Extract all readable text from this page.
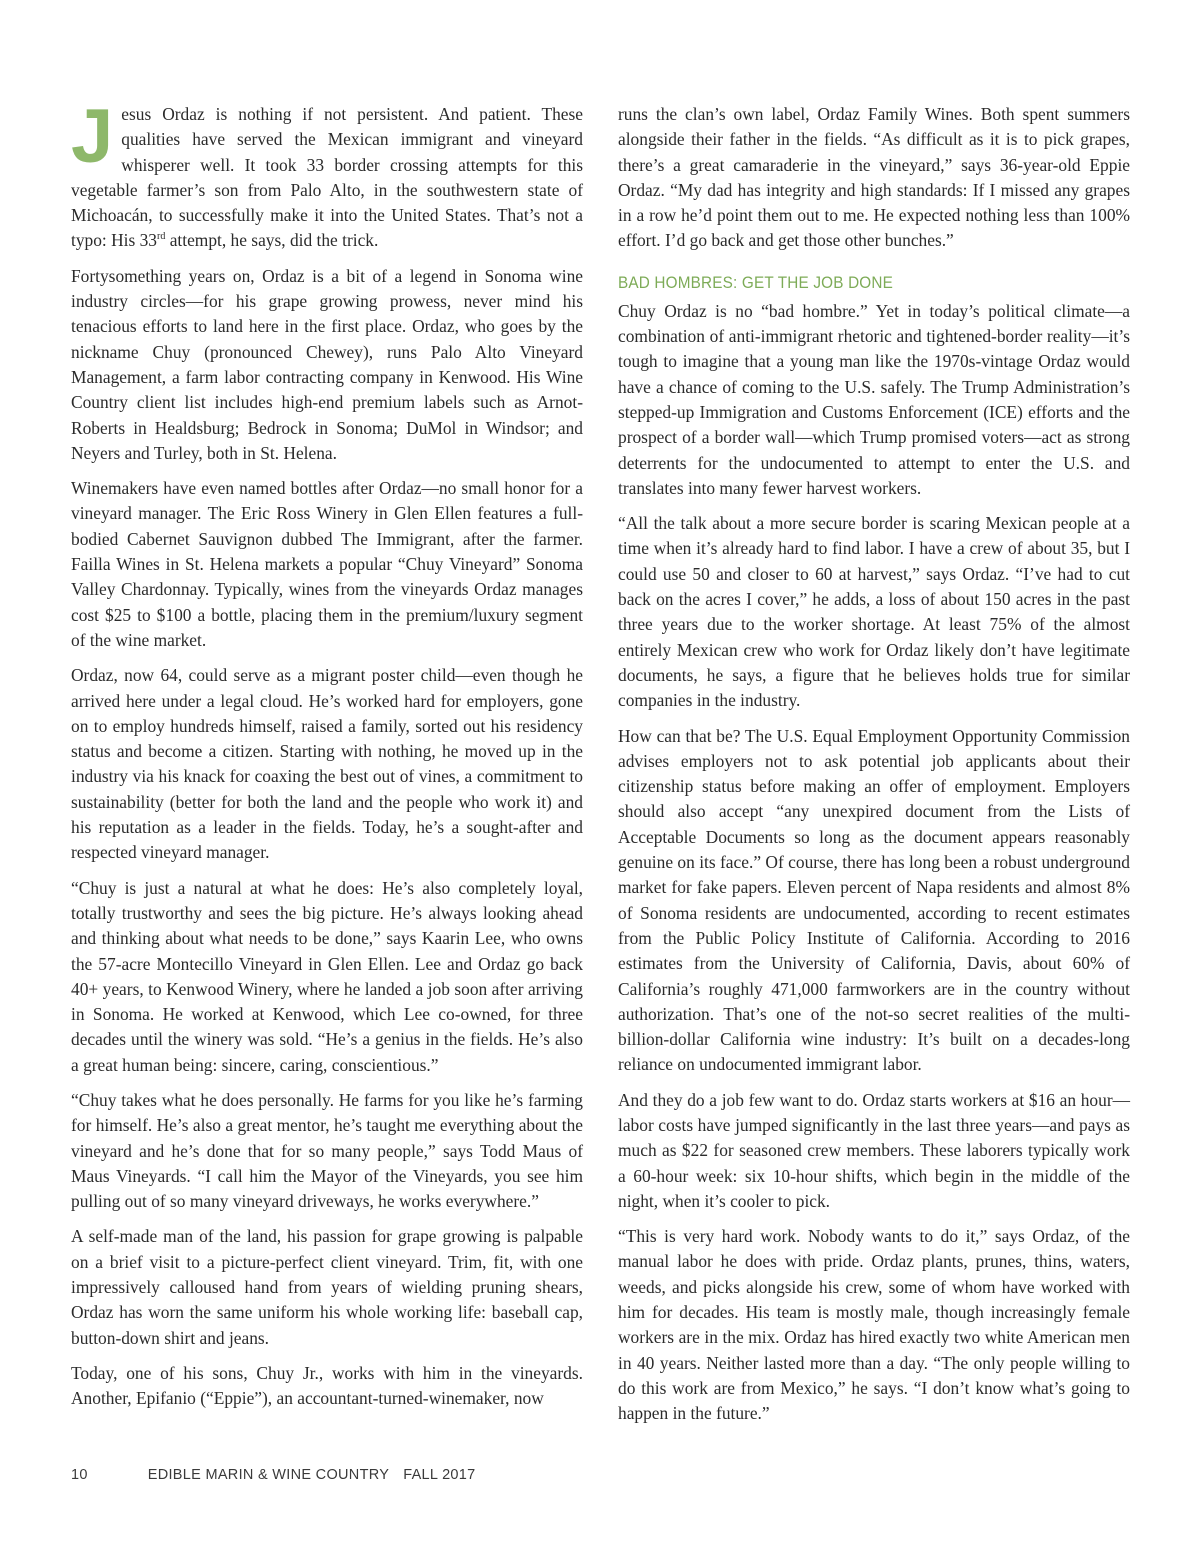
Jesus Ordaz is nothing if not persistent. And patient. These qualities have served the Mexican immigrant and vineyard whisperer well. It took 33 border crossing attempts for this vegetable farmer’s son from Palo Alto, in the southwestern state of Michoacán, to successfully make it into the United States. That’s not a typo: His 33rd attempt, he says, did the trick.

Fortysomething years on, Ordaz is a bit of a legend in Sonoma wine industry circles—for his grape growing prowess, never mind his tenacious efforts to land here in the first place. Ordaz, who goes by the nickname Chuy (pronounced Chewey), runs Palo Alto Vineyard Management, a farm labor contracting company in Kenwood. His Wine Country client list includes high-end premium labels such as Arnot-Roberts in Healdsburg; Bedrock in Sonoma; DuMol in Windsor; and Neyers and Turley, both in St. Helena.

Winemakers have even named bottles after Ordaz—no small honor for a vineyard manager. The Eric Ross Winery in Glen Ellen features a full-bodied Cabernet Sauvignon dubbed The Immigrant, after the farmer. Failla Wines in St. Helena markets a popular “Chuy Vineyard” Sonoma Valley Chardonnay. Typically, wines from the vineyards Ordaz manages cost $25 to $100 a bottle, placing them in the premium/luxury segment of the wine market.

Ordaz, now 64, could serve as a migrant poster child—even though he arrived here under a legal cloud. He’s worked hard for employers, gone on to employ hundreds himself, raised a family, sorted out his residency status and become a citizen. Starting with nothing, he moved up in the industry via his knack for coaxing the best out of vines, a commitment to sustainability (better for both the land and the people who work it) and his reputation as a leader in the fields. Today, he’s a sought-after and respected vineyard manager.

“Chuy is just a natural at what he does: He’s also completely loyal, totally trustworthy and sees the big picture. He’s always looking ahead and thinking about what needs to be done,” says Kaarin Lee, who owns the 57-acre Montecillo Vineyard in Glen Ellen. Lee and Ordaz go back 40+ years, to Kenwood Winery, where he landed a job soon after arriving in Sonoma. He worked at Kenwood, which Lee co-owned, for three decades until the winery was sold. “He’s a genius in the fields. He’s also a great human being: sincere, caring, conscientious.”

“Chuy takes what he does personally. He farms for you like he’s farming for himself. He’s also a great mentor, he’s taught me everything about the vineyard and he’s done that for so many people,” says Todd Maus of Maus Vineyards. “I call him the Mayor of the Vineyards, you see him pulling out of so many vineyard driveways, he works everywhere.”

A self-made man of the land, his passion for grape growing is palpable on a brief visit to a picture-perfect client vineyard. Trim, fit, with one impressively calloused hand from years of wielding pruning shears, Ordaz has worn the same uniform his whole working life: baseball cap, button-down shirt and jeans.

Today, one of his sons, Chuy Jr., works with him in the vineyards. Another, Epifanio (“Eppie”), an accountant-turned-winemaker, now

runs the clan’s own label, Ordaz Family Wines. Both spent summers alongside their father in the fields. “As difficult as it is to pick grapes, there’s a great camaraderie in the vineyard,” says 36-year-old Eppie Ordaz. “My dad has integrity and high standards: If I missed any grapes in a row he’d point them out to me. He expected nothing less than 100% effort. I’d go back and get those other bunches.”

BAD HOMBRES: GET THE JOB DONE

Chuy Ordaz is no “bad hombre.” Yet in today’s political climate—a combination of anti-immigrant rhetoric and tightened-border reality—it’s tough to imagine that a young man like the 1970s-vintage Ordaz would have a chance of coming to the U.S. safely. The Trump Administration’s stepped-up Immigration and Customs Enforcement (ICE) efforts and the prospect of a border wall—which Trump promised voters—act as strong deterrents for the undocumented to attempt to enter the U.S. and translates into many fewer harvest workers.

“All the talk about a more secure border is scaring Mexican people at a time when it’s already hard to find labor. I have a crew of about 35, but I could use 50 and closer to 60 at harvest,” says Ordaz. “I’ve had to cut back on the acres I cover,” he adds, a loss of about 150 acres in the past three years due to the worker shortage. At least 75% of the almost entirely Mexican crew who work for Ordaz likely don’t have legitimate documents, he says, a figure that he believes holds true for similar companies in the industry.

How can that be? The U.S. Equal Employment Opportunity Commission advises employers not to ask potential job applicants about their citizenship status before making an offer of employment. Employers should also accept “any unexpired document from the Lists of Acceptable Documents so long as the document appears reasonably genuine on its face.” Of course, there has long been a robust underground market for fake papers. Eleven percent of Napa residents and almost 8% of Sonoma residents are undocumented, according to recent estimates from the Public Policy Institute of California. According to 2016 estimates from the University of California, Davis, about 60% of California’s roughly 471,000 farmworkers are in the country without authorization. That’s one of the not-so secret realities of the multi-billion-dollar California wine industry: It’s built on a decades-long reliance on undocumented immigrant labor.

And they do a job few want to do. Ordaz starts workers at $16 an hour—labor costs have jumped significantly in the last three years—and pays as much as $22 for seasoned crew members. These laborers typically work a 60-hour week: six 10-hour shifts, which begin in the middle of the night, when it’s cooler to pick.

“This is very hard work. Nobody wants to do it,” says Ordaz, of the manual labor he does with pride. Ordaz plants, prunes, thins, waters, weeds, and picks alongside his crew, some of whom have worked with him for decades. His team is mostly male, though increasingly female workers are in the mix. Ordaz has hired exactly two white American men in 40 years. Neither lasted more than a day. “The only people willing to do this work are from Mexico,” he says. “I don’t know what’s going to happen in the future.”

10	EDIBLE MARIN & WINE COUNTRY FALL 2017
